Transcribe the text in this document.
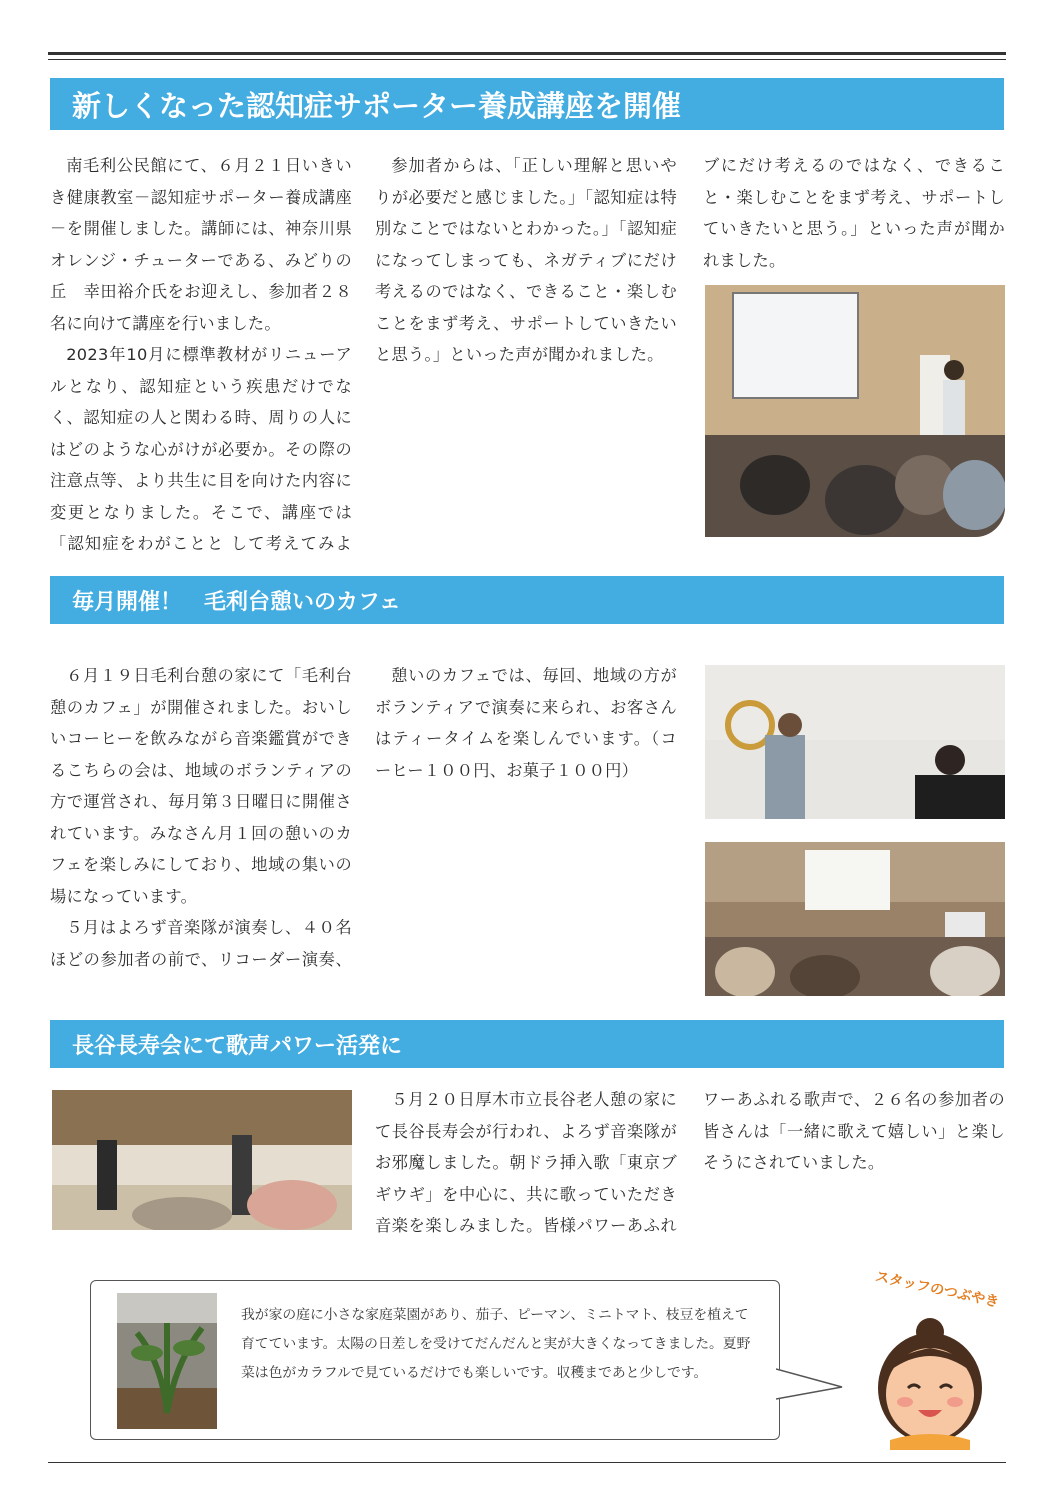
新しくなった認知症サポーター養成講座を開催

南毛利公民館にて、６月２１日いきいき健康教室－認知症サポーター養成講座－を開催しました。講師には、神奈川県オレンジ・チューターである、みどりの丘　幸田裕介氏をお迎えし、参加者２８名に向けて講座を行いました。

2023年10月に標準教材がリニューアルとなり、認知症という疾患だけでなく、認知症の人と関わる時、周りの人にはどのような心がけが必要か。その際の注意点等、より共生に目を向けた内容に変更となりました。そこで、講座では「認知症をわがことと して考えてみよ

参加者からは、「正しい理解と思いやりが必要だと感じました。」「認知症は特別なことではないとわかった。」「認知症になってしまっても、ネガティブにだけ考えるのではなく、できること・楽しむことをまず考え、サポートしていきたいと思う。」といった声が聞かれました。

ブにだけ考えるのではなく、できること・楽しむことをまず考え、サポートしていきたいと思う。」といった声が聞かれました。

毎月開催！　毛利台憩いのカフェ

６月１９日毛利台憩の家にて「毛利台憩のカフェ」が開催されました。おいしいコーヒーを飲みながら音楽鑑賞ができるこちらの会は、地域のボランティアの方で運営され、毎月第３日曜日に開催されています。みなさん月１回の憩いのカフェを楽しみにしており、地域の集いの場になっています。

５月はよろず音楽隊が演奏し、４０名ほどの参加者の前で、リコーダー演奏、

憩いのカフェでは、毎回、地域の方がボランティアで演奏に来られ、お客さんはティータイムを楽しんでいます。（コーヒー１００円、お菓子１００円）

長谷長寿会にて歌声パワー活発に

５月２０日厚木市立長谷老人憩の家にて長谷長寿会が行われ、よろず音楽隊がお邪魔しました。朝ドラ挿入歌「東京ブギウギ」を中心に、共に歌っていただき音楽を楽しみました。皆様パワーあふれ

ワーあふれる歌声で、２６名の参加者の皆さんは「一緒に歌えて嬉しい」と楽しそうにされていました。

我が家の庭に小さな家庭菜園があり、茄子、ピーマン、ミニトマト、枝豆を植えて育てています。太陽の日差しを受けてだんだんと実が大きくなってきました。夏野菜は色がカラフルで見ているだけでも楽しいです。収穫まであと少しです。
スタッフのつぶやき
